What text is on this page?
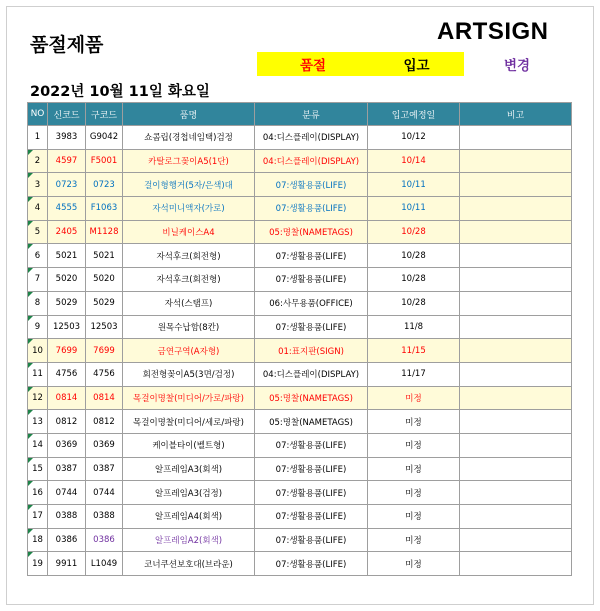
품절제품	ARTSIGN
품절	입고	변경
2022년 10월 11일 화요일
NO	신코드	구코드	품명	분류	입고예정일	비고
1	3983	G9042	쇼콤립(경첩네임택)검정	04:디스플레이(DISPLAY)	10/12	

2	4597	F5001	카탈로그꽂이A5(1단)	04:디스플레이(DISPLAY)	10/14	

3	0723	0723	걸이형행거(5자/은색)대	07:생활용품(LIFE)	10/11	

4	4555	F1063	자석미니액자(가로)	07:생활용품(LIFE)	10/11	

5	2405	M1128	비닐케이스A4	05:명찰(NAMETAGS)	10/28	

6	5021	5021	자석후크(회전형)	07:생활용품(LIFE)	10/28	

7	5020	5020	자석후크(회전형)	07:생활용품(LIFE)	10/28	

8	5029	5029	자석(스탬프)	06:사무용품(OFFICE)	10/28	

9	12503	12503	원목수납함(8칸)	07:생활용품(LIFE)	11/8	

10	7699	7699	금연구역(A자형)	01:표지판(SIGN)	11/15	

11	4756	4756	회전형꽂이A5(3면/검정)	04:디스플레이(DISPLAY)	11/17	

12	0814	0814	목걸이명찰(미디어/가로/파랑)	05:명찰(NAMETAGS)	미정	

13	0812	0812	목걸이명찰(미디어/세로/파랑)	05:명찰(NAMETAGS)	미정	

14	0369	0369	케이블타이(벨트형)	07:생활용품(LIFE)	미정	

15	0387	0387	알프레임A3(회색)	07:생활용품(LIFE)	미정	

16	0744	0744	알프레임A3(검정)	07:생활용품(LIFE)	미정	

17	0388	0388	알프레임A4(회색)	07:생활용품(LIFE)	미정	

18	0386	0386	알프레임A2(회색)	07:생활용품(LIFE)	미정	

19	9911	L1049	코너쿠션보호대(브라운)	07:생활용품(LIFE)	미정	
